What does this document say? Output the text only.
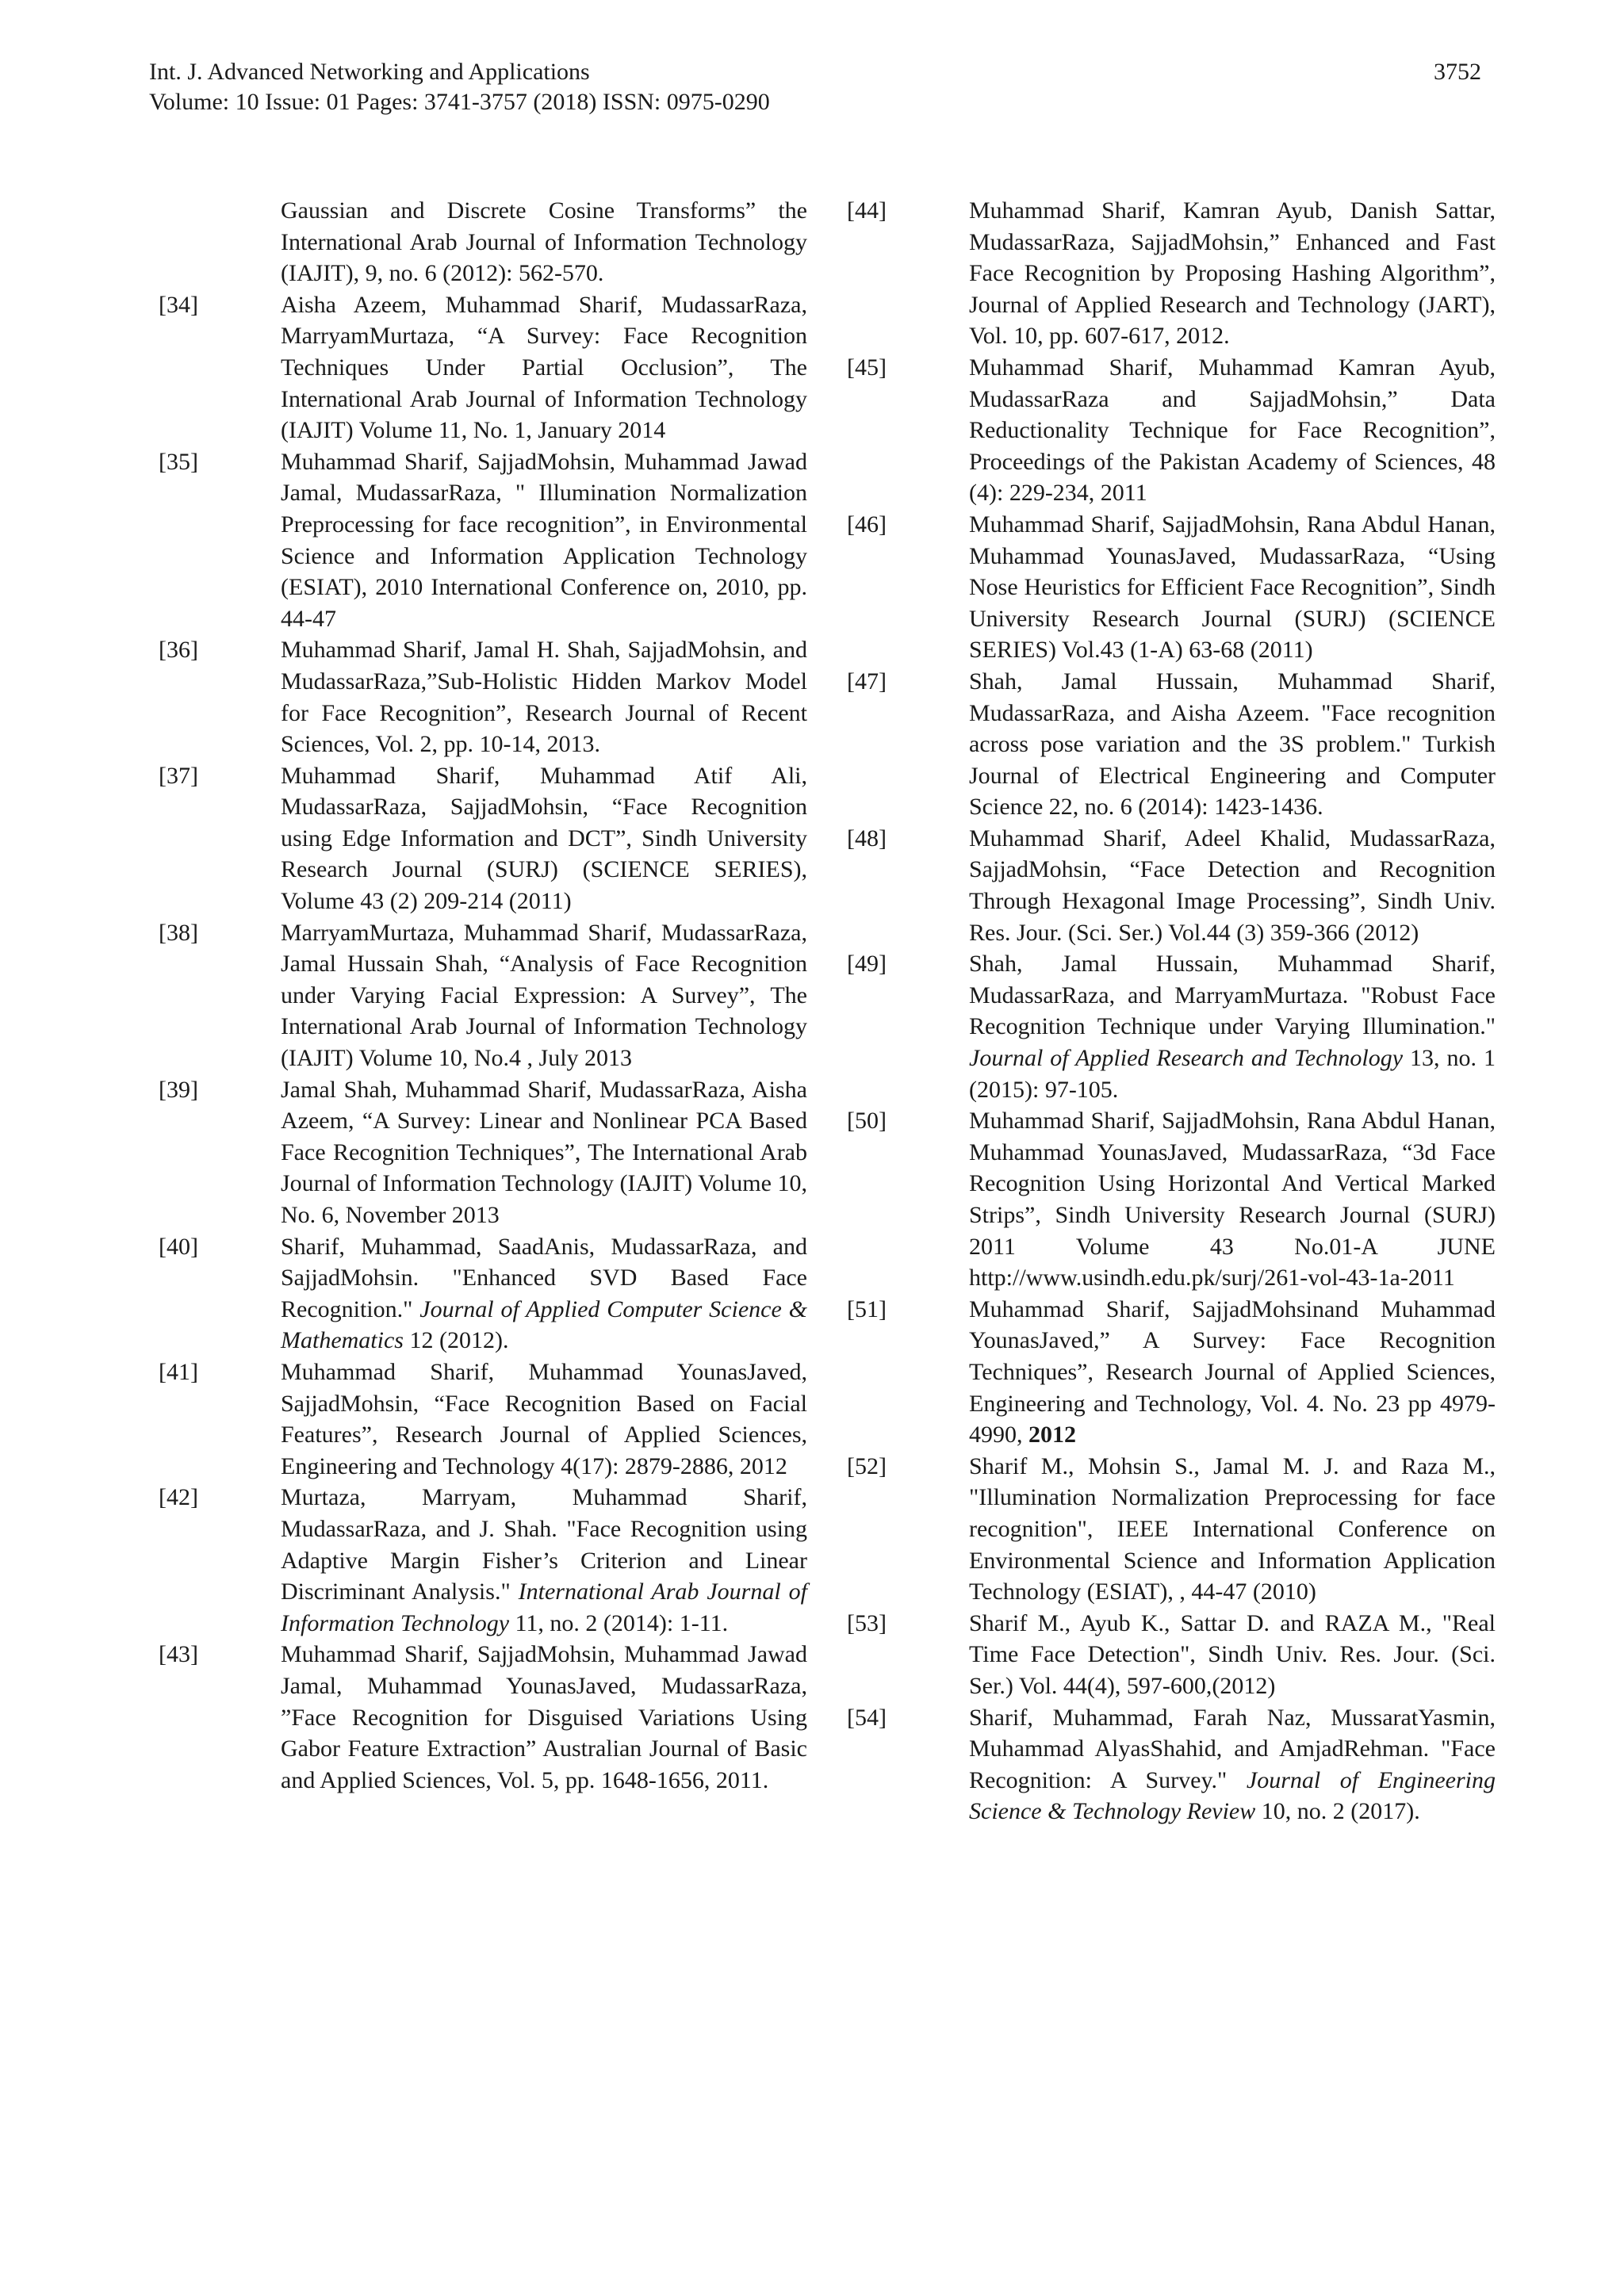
Int. J. Advanced Networking and Applications	3752
Volume: 10 Issue: 01 Pages: 3741-3757 (2018) ISSN: 0975-0290
Gaussian and Discrete Cosine Transforms” the International Arab Journal of Information Technology (IAJIT), 9, no. 6 (2012): 562-570.
[34]	Aisha Azeem, Muhammad Sharif, MudassarRaza, MarryamMurtaza, “A Survey: Face Recognition Techniques Under Partial Occlusion”, The International Arab Journal of Information Technology (IAJIT) Volume 11, No. 1, January 2014
[35]	Muhammad Sharif, SajjadMohsin, Muhammad Jawad Jamal, MudassarRaza, " Illumination Normalization Preprocessing for face recognition”, in Environmental Science and Information Application Technology (ESIAT), 2010 International Conference on, 2010, pp. 44-47
[36]	Muhammad Sharif, Jamal H. Shah, SajjadMohsin, and MudassarRaza,”Sub-Holistic Hidden Markov Model for Face Recognition”, Research Journal of Recent Sciences, Vol. 2, pp. 10-14, 2013.
[37]	Muhammad Sharif, Muhammad Atif Ali, MudassarRaza, SajjadMohsin, “Face Recognition using Edge Information and DCT”, Sindh University Research Journal (SURJ) (SCIENCE SERIES), Volume 43 (2) 209-214 (2011)
[38]	MarryamMurtaza, Muhammad Sharif, MudassarRaza, Jamal Hussain Shah, “Analysis of Face Recognition under Varying Facial Expression: A Survey”, The International Arab Journal of Information Technology (IAJIT) Volume 10, No.4 , July 2013
[39]	Jamal Shah, Muhammad Sharif, MudassarRaza, Aisha Azeem, “A Survey: Linear and Nonlinear PCA Based Face Recognition Techniques”, The International Arab Journal of Information Technology (IAJIT) Volume 10, No. 6, November 2013
[40]	Sharif, Muhammad, SaadAnis, MudassarRaza, and SajjadMohsin. "Enhanced SVD Based Face Recognition." Journal of Applied Computer Science & Mathematics 12 (2012).
[41]	Muhammad Sharif, Muhammad YounasJaved, SajjadMohsin, “Face Recognition Based on Facial Features”, Research Journal of Applied Sciences, Engineering and Technology 4(17): 2879-2886, 2012
[42]	Murtaza, Marryam, Muhammad Sharif, MudassarRaza, and J. Shah. "Face Recognition using Adaptive Margin Fisher’s Criterion and Linear Discriminant Analysis." International Arab Journal of Information Technology 11, no. 2 (2014): 1-11.
[43]	Muhammad Sharif, SajjadMohsin, Muhammad Jawad Jamal, Muhammad YounasJaved, MudassarRaza, ”Face Recognition for Disguised Variations Using Gabor Feature Extraction” Australian Journal of Basic and Applied Sciences, Vol. 5, pp. 1648-1656, 2011.
[44]	Muhammad Sharif, Kamran Ayub, Danish Sattar, MudassarRaza, SajjadMohsin,” Enhanced and Fast Face Recognition by Proposing Hashing Algorithm”, Journal of Applied Research and Technology (JART), Vol. 10, pp. 607-617, 2012.
[45]	Muhammad Sharif, Muhammad Kamran Ayub, MudassarRaza and SajjadMohsin,” Data Reductionality Technique for Face Recognition”, Proceedings of the Pakistan Academy of Sciences, 48 (4): 229-234, 2011
[46]	Muhammad Sharif, SajjadMohsin, Rana Abdul Hanan, Muhammad YounasJaved, MudassarRaza, “Using Nose Heuristics for Efficient Face Recognition”, Sindh University Research Journal (SURJ) (SCIENCE SERIES) Vol.43 (1-A) 63-68 (2011)
[47]	Shah, Jamal Hussain, Muhammad Sharif, MudassarRaza, and Aisha Azeem. "Face recognition across pose variation and the 3S problem." Turkish Journal of Electrical Engineering and Computer Science 22, no. 6 (2014): 1423-1436.
[48]	Muhammad Sharif, Adeel Khalid, MudassarRaza, SajjadMohsin, “Face Detection and Recognition Through Hexagonal Image Processing”, Sindh Univ. Res. Jour. (Sci. Ser.) Vol.44 (3) 359-366 (2012)
[49]	Shah, Jamal Hussain, Muhammad Sharif, MudassarRaza, and MarryamMurtaza. "Robust Face Recognition Technique under Varying Illumination." Journal of Applied Research and Technology 13, no. 1 (2015): 97-105.
[50]	Muhammad Sharif, SajjadMohsin, Rana Abdul Hanan, Muhammad YounasJaved, MudassarRaza, “3d Face Recognition Using Horizontal And Vertical Marked Strips”, Sindh University Research Journal (SURJ) 2011 Volume 43 No.01-A JUNE http://www.usindh.edu.pk/surj/261-vol-43-1a-2011
[51]	Muhammad Sharif, SajjadMohsinand Muhammad YounasJaved,” A Survey: Face Recognition Techniques”, Research Journal of Applied Sciences, Engineering and Technology, Vol. 4. No. 23 pp 4979-4990, 2012
[52]	Sharif M., Mohsin S., Jamal M. J. and Raza M., "Illumination Normalization Preprocessing for face recognition", IEEE International Conference on Environmental Science and Information Application Technology (ESIAT), , 44-47 (2010)
[53]	Sharif M., Ayub K., Sattar D. and RAZA M., "Real Time Face Detection", Sindh Univ. Res. Jour. (Sci. Ser.) Vol. 44(4), 597-600,(2012)
[54]	Sharif, Muhammad, Farah Naz, MussaratYasmin, Muhammad AlyasShahid, and AmjadRehman. "Face Recognition: A Survey." Journal of Engineering Science & Technology Review 10, no. 2 (2017).
